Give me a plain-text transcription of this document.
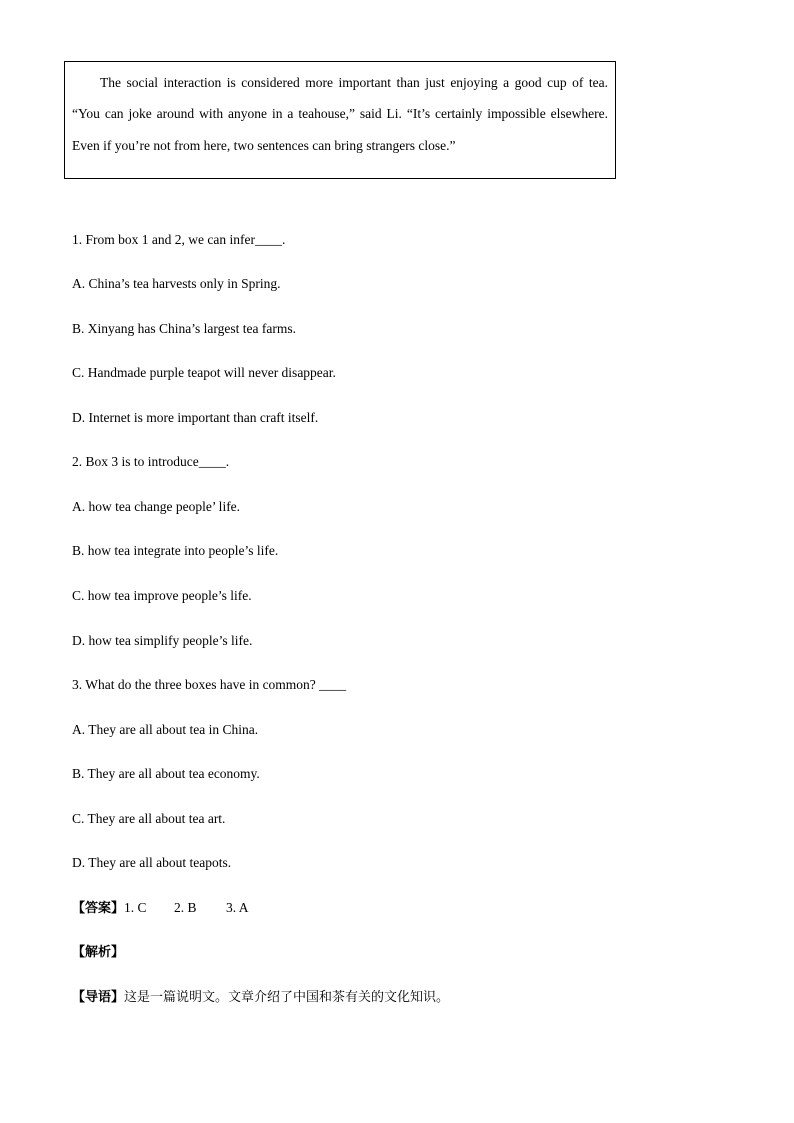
The social interaction is considered more important than just enjoying a good cup of tea.
“You can joke around with anyone in a teahouse,” said Li. “It’s certainly impossible elsewhere.
Even if you’re not from here, two sentences can bring strangers close.”
1. From box 1 and 2, we can infer____.
A. China’s tea harvests only in Spring.
B. Xinyang has China’s largest tea farms.
C. Handmade purple teapot will never disappear.
D. Internet is more important than craft itself.
2. Box 3 is to introduce____.
A. how tea change people’ life.
B. how tea integrate into people’s life.
C. how tea improve people’s life.
D. how tea simplify people’s life.
3. What do the three boxes have in common? ____
A. They are all about tea in China.
B. They are all about tea economy.
C. They are all about tea art.
D. They are all about teapots.
【答案】1. C 2. B 3. A
【解析】
【导语】这是一篇说明文。文章介绍了中国和茶有关的文化知识。
